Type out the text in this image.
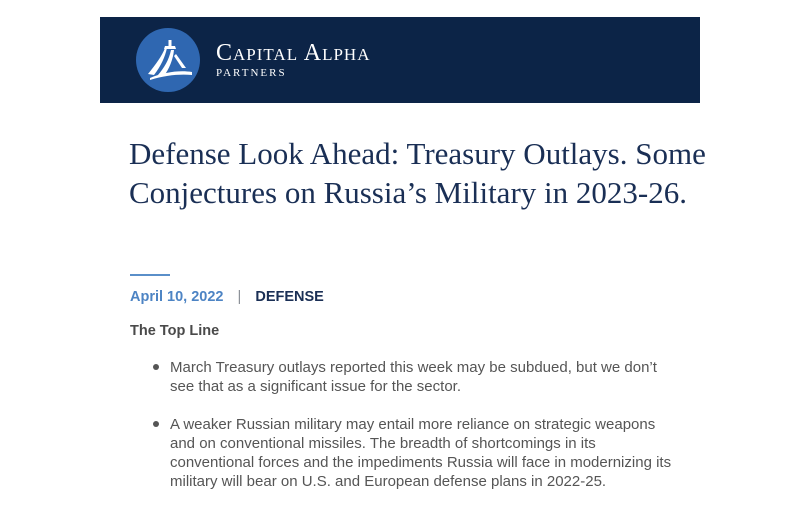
Capital Alpha
PARTNERS
Defense Look Ahead: Treasury Outlays. Some Conjectures on Russia’s Military in 2023-26.
April 10, 2022 | DEFENSE
The Top Line
March Treasury outlays reported this week may be subdued, but we don’t see that as a significant issue for the sector.
A weaker Russian military may entail more reliance on strategic weapons and on conventional missiles. The breadth of shortcomings in its conventional forces and the impediments Russia will face in modernizing its military will bear on U.S. and European defense plans in 2022-25.
